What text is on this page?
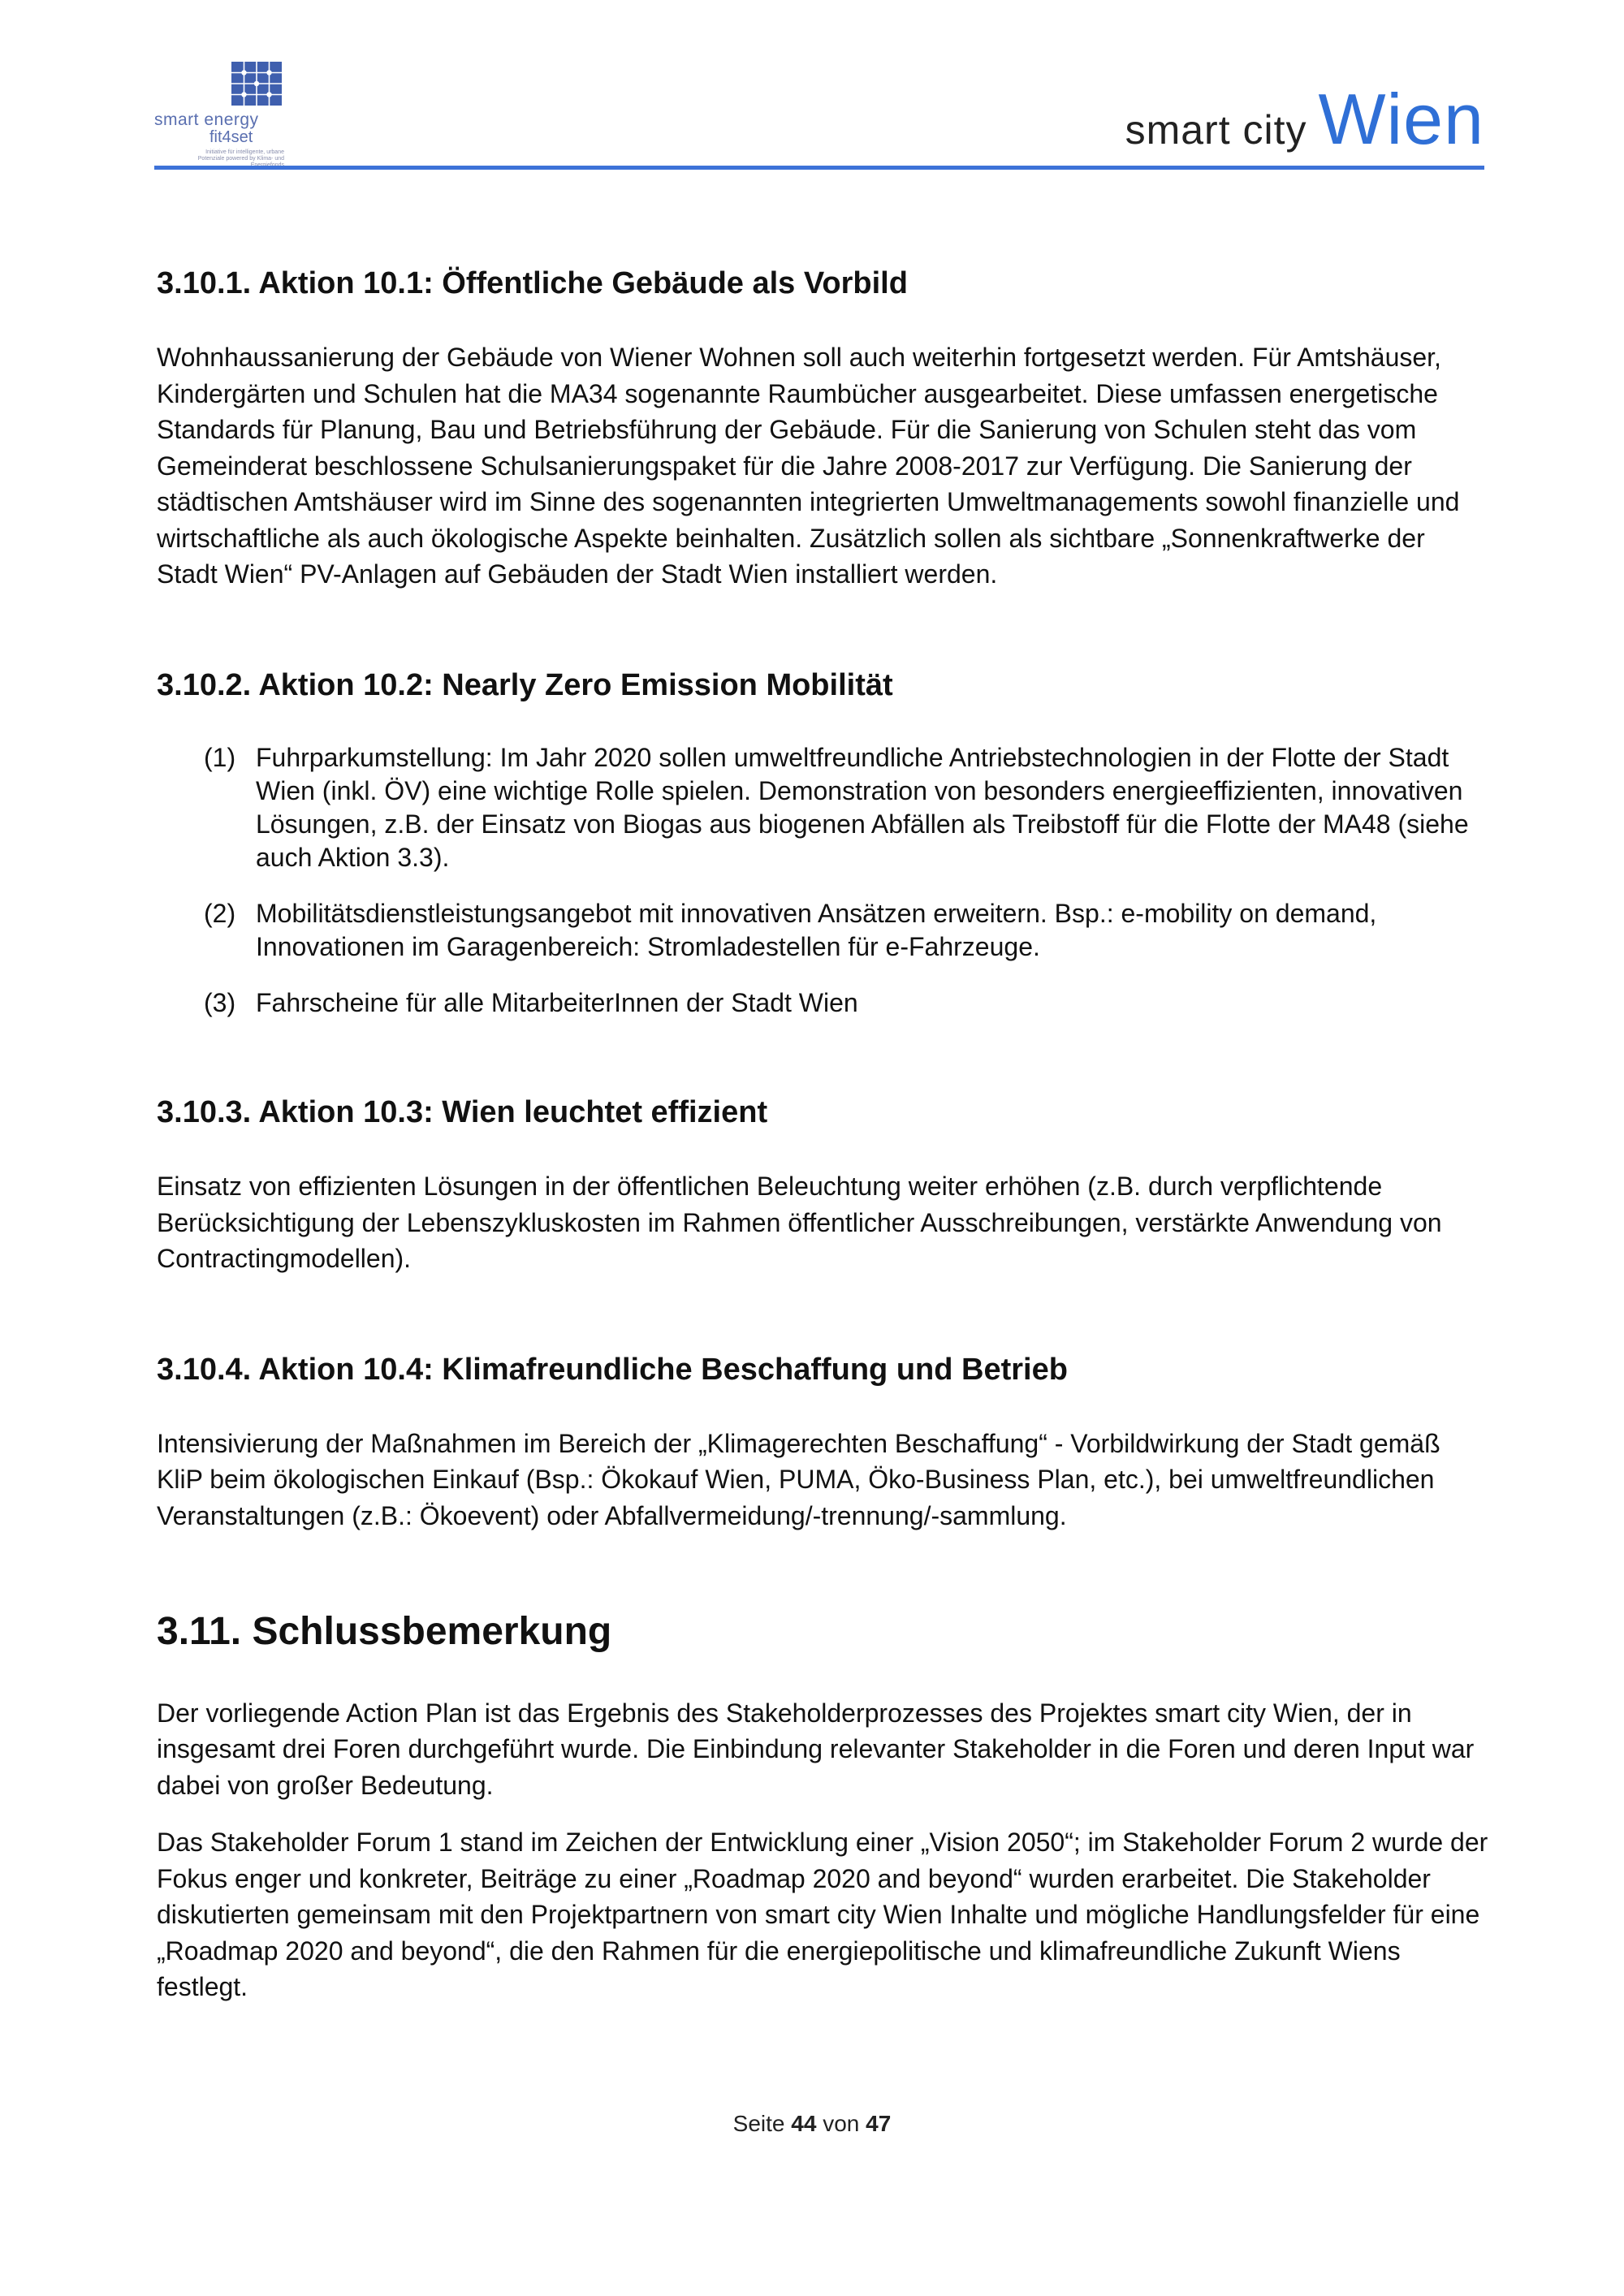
smart energy
fit4set
Initiative für intelligente, urbane Potenziale powered by Klima- und
smart city Wien
3.10.1. Aktion 10.1: Öffentliche Gebäude als Vorbild

Wohnhaussanierung der Gebäude von Wiener Wohnen soll auch weiterhin fortgesetzt werden. Für Amtshäuser, Kindergärten und Schulen hat die MA34 sogenannte Raumbücher ausgearbeitet. Diese umfassen energetische Standards für Planung, Bau und Betriebsführung der Gebäude. Für die Sanierung von Schulen steht das vom Gemeinderat beschlossene Schulsanierungspaket für die Jahre 2008-2017 zur Verfügung. Die Sanierung der städtischen Amtshäuser wird im Sinne des sogenannten integrierten Umweltmanagements sowohl finanzielle und wirtschaftliche als auch ökologische Aspekte beinhalten. Zusätzlich sollen als sichtbare „Sonnenkraftwerke der Stadt Wien“ PV-Anlagen auf Gebäuden der Stadt Wien installiert werden.

3.10.2. Aktion 10.2: Nearly Zero Emission Mobilität
(1) Fuhrparkumstellung: Im Jahr 2020 sollen umweltfreundliche Antriebstechnologien in der Flotte der Stadt Wien (inkl. ÖV) eine wichtige Rolle spielen. Demonstration von besonders energieeffizienten, innovativen Lösungen, z.B. der Einsatz von Biogas aus biogenen Abfällen als Treibstoff für die Flotte der MA48 (siehe auch Aktion 3.3).
(2) Mobilitätsdienstleistungsangebot mit innovativen Ansätzen erweitern. Bsp.: e-mobility on demand, Innovationen im Garagenbereich: Stromladestellen für e-Fahrzeuge.
(3) Fahrscheine für alle MitarbeiterInnen der Stadt Wien
3.10.3. Aktion 10.3: Wien leuchtet effizient

Einsatz von effizienten Lösungen in der öffentlichen Beleuchtung weiter erhöhen (z.B. durch verpflichtende Berücksichtigung der Lebenszykluskosten im Rahmen öffentlicher Ausschreibungen, verstärkte Anwendung von Contractingmodellen).

3.10.4. Aktion 10.4: Klimafreundliche Beschaffung und Betrieb

Intensivierung der Maßnahmen im Bereich der „Klimagerechten Beschaffung“ - Vorbildwirkung der Stadt gemäß KliP beim ökologischen Einkauf (Bsp.: Ökokauf Wien, PUMA, Öko-Business Plan, etc.), bei umweltfreundlichen Veranstaltungen (z.B.: Ökoevent) oder Abfallvermeidung/-trennung/-sammlung.

3.11. Schlussbemerkung

Der vorliegende Action Plan ist das Ergebnis des Stakeholderprozesses des Projektes smart city Wien, der in insgesamt drei Foren durchgeführt wurde. Die Einbindung relevanter Stakeholder in die Foren und deren Input war dabei von großer Bedeutung.

Das Stakeholder Forum 1 stand im Zeichen der Entwicklung einer „Vision 2050“; im Stakeholder Forum 2 wurde der Fokus enger und konkreter, Beiträge zu einer „Roadmap 2020 and beyond“ wurden erarbeitet. Die Stakeholder diskutierten gemeinsam mit den Projektpartnern von smart city Wien Inhalte und mögliche Handlungsfelder für eine „Roadmap 2020 and beyond“, die den Rahmen für die energiepolitische und klimafreundliche Zukunft Wiens festlegt.

Seite 44 von 47
